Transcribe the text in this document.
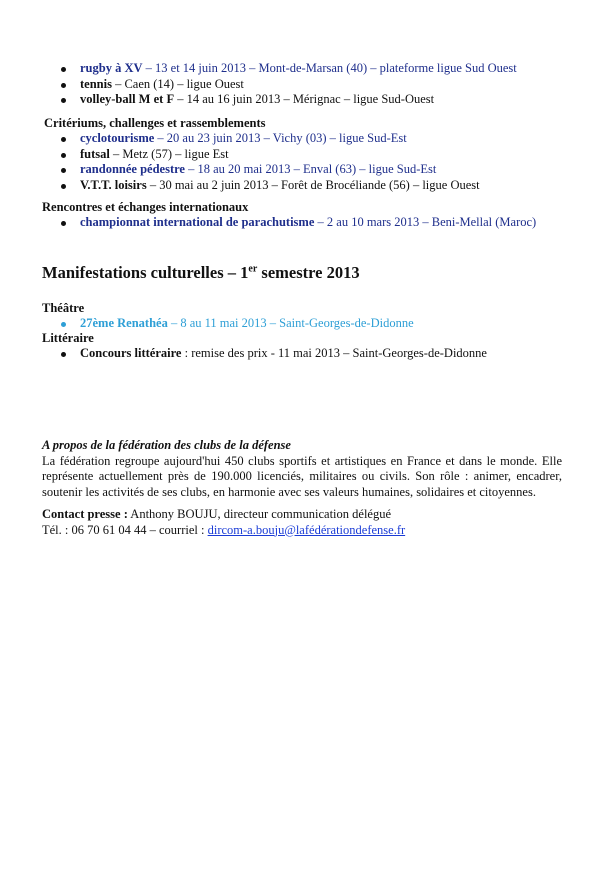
rugby à XV – 13 et 14 juin 2013 – Mont-de-Marsan (40) – plateforme ligue Sud Ouest
tennis – Caen (14) – ligue Ouest
volley-ball M et F – 14 au 16 juin 2013 – Mérignac – ligue Sud-Ouest
Critériums, challenges et rassemblements
cyclotourisme – 20 au 23 juin 2013 – Vichy (03) – ligue Sud-Est
futsal – Metz (57) – ligue Est
randonnée pédestre – 18 au 20 mai 2013 – Enval (63) – ligue Sud-Est
V.T.T. loisirs – 30 mai au 2 juin 2013 – Forêt de Brocéliande (56) – ligue Ouest
Rencontres et échanges internationaux
championnat international de parachutisme – 2 au 10 mars 2013 – Beni-Mellal (Maroc)
Manifestations culturelles – 1er semestre 2013
Théâtre
27ème Renathéa – 8 au 11 mai 2013 – Saint-Georges-de-Didonne
Littéraire
Concours littéraire : remise des prix - 11 mai 2013 – Saint-Georges-de-Didonne
A propos de la fédération des clubs de la défense
La fédération regroupe aujourd'hui 450 clubs sportifs et artistiques en France et dans le monde. Elle représente actuellement près de 190.000 licenciés, militaires ou civils. Son rôle : animer, encadrer, soutenir les activités de ses clubs, en harmonie avec ses valeurs humaines, solidaires et citoyennes.
Contact presse : Anthony BOUJU, directeur communication délégué
Tél. : 06 70 61 04 44 – courriel : dircom-a.bouju@lafédérationdefense.fr
